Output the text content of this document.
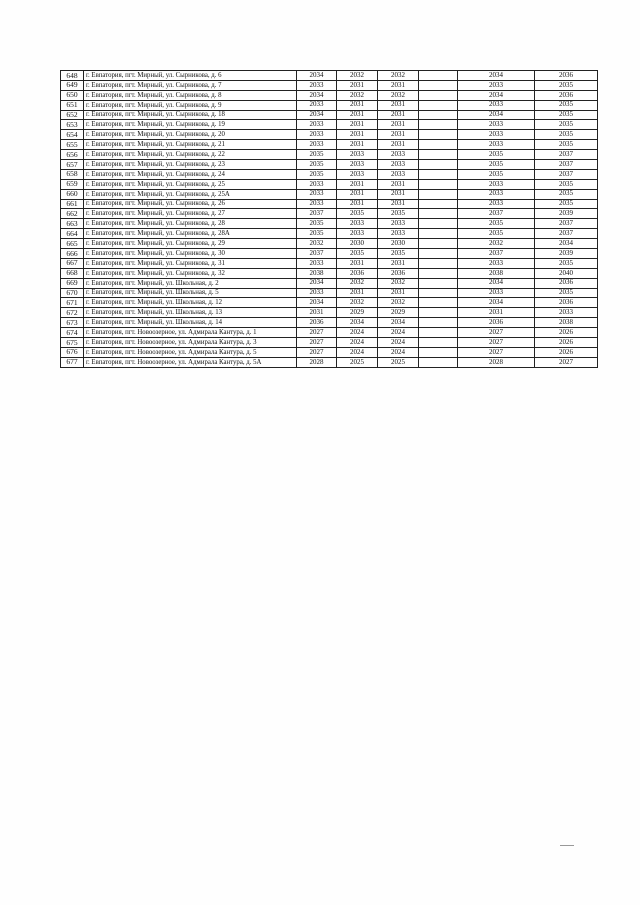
648	г. Евпатория, пгт. Мирный, ул. Сырникова, д. 6	2034	2032	2032		2034	2036
649	г. Евпатория, пгт. Мирный, ул. Сырникова, д. 7	2033	2031	2031		2033	2035
650	г. Евпатория, пгт. Мирный, ул. Сырникова, д. 8	2034	2032	2032		2034	2036
651	г. Евпатория, пгт. Мирный, ул. Сырникова, д. 9	2033	2031	2031		2033	2035
652	г. Евпатория, пгт. Мирный, ул. Сырникова, д. 18	2034	2031	2031		2034	2035
653	г. Евпатория, пгт. Мирный, ул. Сырникова, д. 19	2033	2031	2031		2033	2035
654	г. Евпатория, пгт. Мирный, ул. Сырникова, д. 20	2033	2031	2031		2033	2035
655	г. Евпатория, пгт. Мирный, ул. Сырникова, д. 21	2033	2031	2031		2033	2035
656	г. Евпатория, пгт. Мирный, ул. Сырникова, д. 22	2035	2033	2033		2035	2037
657	г. Евпатория, пгт. Мирный, ул. Сырникова, д. 23	2035	2033	2033		2035	2037
658	г. Евпатория, пгт. Мирный, ул. Сырникова, д. 24	2035	2033	2033		2035	2037
659	г. Евпатория, пгт. Мирный, ул. Сырникова, д. 25	2033	2031	2031		2033	2035
660	г. Евпатория, пгт. Мирный, ул. Сырникова, д. 25А	2033	2031	2031		2033	2035
661	г. Евпатория, пгт. Мирный, ул. Сырникова, д. 26	2033	2031	2031		2033	2035
662	г. Евпатория, пгт. Мирный, ул. Сырникова, д. 27	2037	2035	2035		2037	2039
663	г. Евпатория, пгт. Мирный, ул. Сырникова, д. 28	2035	2033	2033		2035	2037
664	г. Евпатория, пгт. Мирный, ул. Сырникова, д. 28А	2035	2033	2033		2035	2037
665	г. Евпатория, пгт. Мирный, ул. Сырникова, д. 29	2032	2030	2030		2032	2034
666	г. Евпатория, пгт. Мирный, ул. Сырникова, д. 30	2037	2035	2035		2037	2039
667	г. Евпатория, пгт. Мирный, ул. Сырникова, д. 31	2033	2031	2031		2033	2035
668	г. Евпатория, пгт. Мирный, ул. Сырникова, д. 32	2038	2036	2036		2038	2040
669	г. Евпатория, пгт. Мирный, ул. Школьная, д. 2	2034	2032	2032		2034	2036
670	г. Евпатория, пгт. Мирный, ул. Школьная, д. 5	2033	2031	2031		2033	2035
671	г. Евпатория, пгт. Мирный, ул. Школьная, д. 12	2034	2032	2032		2034	2036
672	г. Евпатория, пгт. Мирный, ул. Школьная, д. 13	2031	2029	2029		2031	2033
673	г. Евпатория, пгт. Мирный, ул. Школьная, д. 14	2036	2034	2034		2036	2038
674	г. Евпатория, пгт. Новоозерное, ул. Адмирала Кантура, д. 1	2027	2024	2024		2027	2026
675	г. Евпатория, пгт. Новоозерное, ул. Адмирала Кантура, д. 3	2027	2024	2024		2027	2026
676	г. Евпатория, пгт. Новоозерное, ул. Адмирала Кантура, д. 5	2027	2024	2024		2027	2026
677	г. Евпатория, пгт. Новоозерное, ул. Адмирала Кантура, д. 5А	2028	2025	2025		2028	2027
